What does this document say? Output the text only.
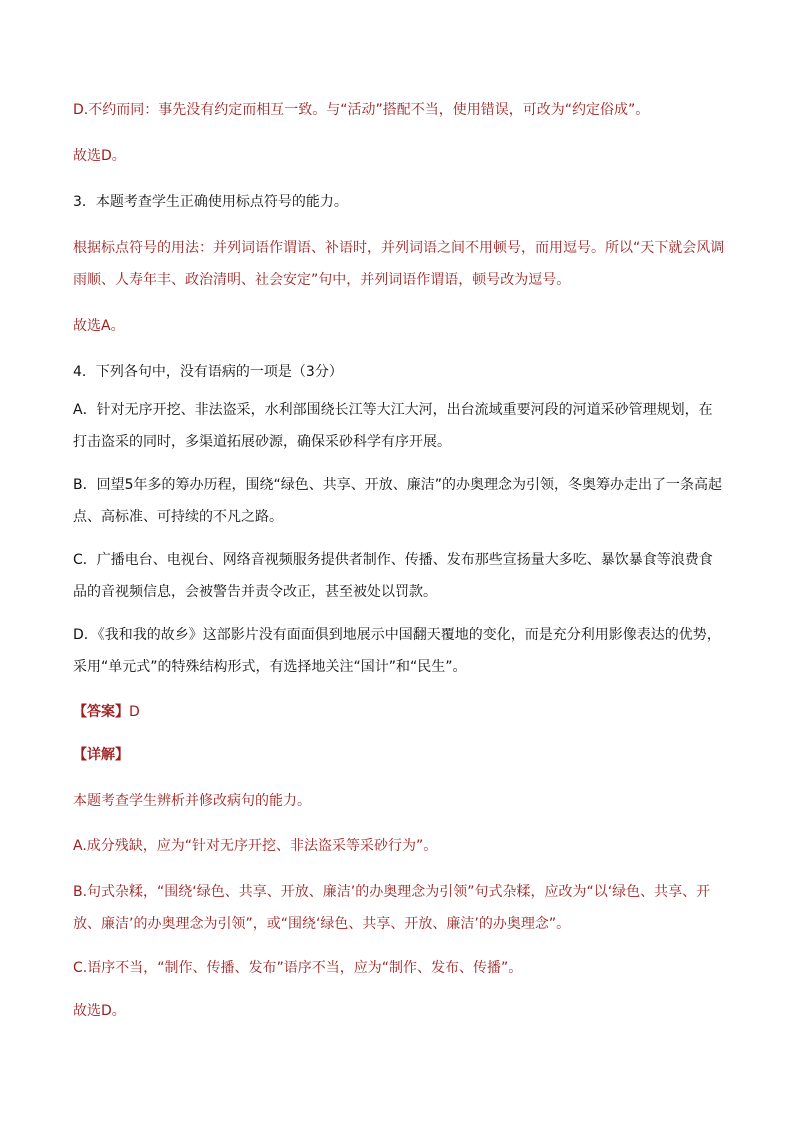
D.不约而同：事先没有约定而相互一致。与“活动”搭配不当，使用错误，可改为“约定俗成”。

故选D。

3．本题考查学生正确使用标点符号的能力。

根据标点符号的用法：并列词语作谓语、补语时，并列词语之间不用顿号，而用逗号。所以“天下就会风调雨顺、人寿年丰、政治清明、社会安定”句中，并列词语作谓语，顿号改为逗号。

故选A。

4．下列各句中，没有语病的一项是（3分）

A．针对无序开挖、非法盗采，水利部围绕长江等大江大河，出台流域重要河段的河道采砂管理规划，在打击盗采的同时，多渠道拓展砂源，确保采砂科学有序开展。

B．回望5年多的筹办历程，围绕“绿色、共享、开放、廉洁”的办奥理念为引领，冬奥筹办走出了一条高起点、高标准、可持续的不凡之路。

C．广播电台、电视台、网络音视频服务提供者制作、传播、发布那些宣扬量大多吃、暴饮暴食等浪费食品的音视频信息，会被警告并责令改正，甚至被处以罚款。

D．《我和我的故乡》这部影片没有面面俱到地展示中国翻天覆地的变化，而是充分利用影像表达的优势，采用“单元式”的特殊结构形式，有选择地关注“国计”和“民生”。

【答案】D

【详解】

本题考查学生辨析并修改病句的能力。

A.成分残缺，应为“针对无序开挖、非法盗采等采砂行为”。

B.句式杂糅，“围绕‘绿色、共享、开放、廉洁’的办奥理念为引领”句式杂糅，应改为“以‘绿色、共享、开放、廉洁’的办奥理念为引领”，或“围绕‘绿色、共享、开放、廉洁’的办奥理念”。

C.语序不当，“制作、传播、发布”语序不当，应为“制作、发布、传播”。

故选D。
